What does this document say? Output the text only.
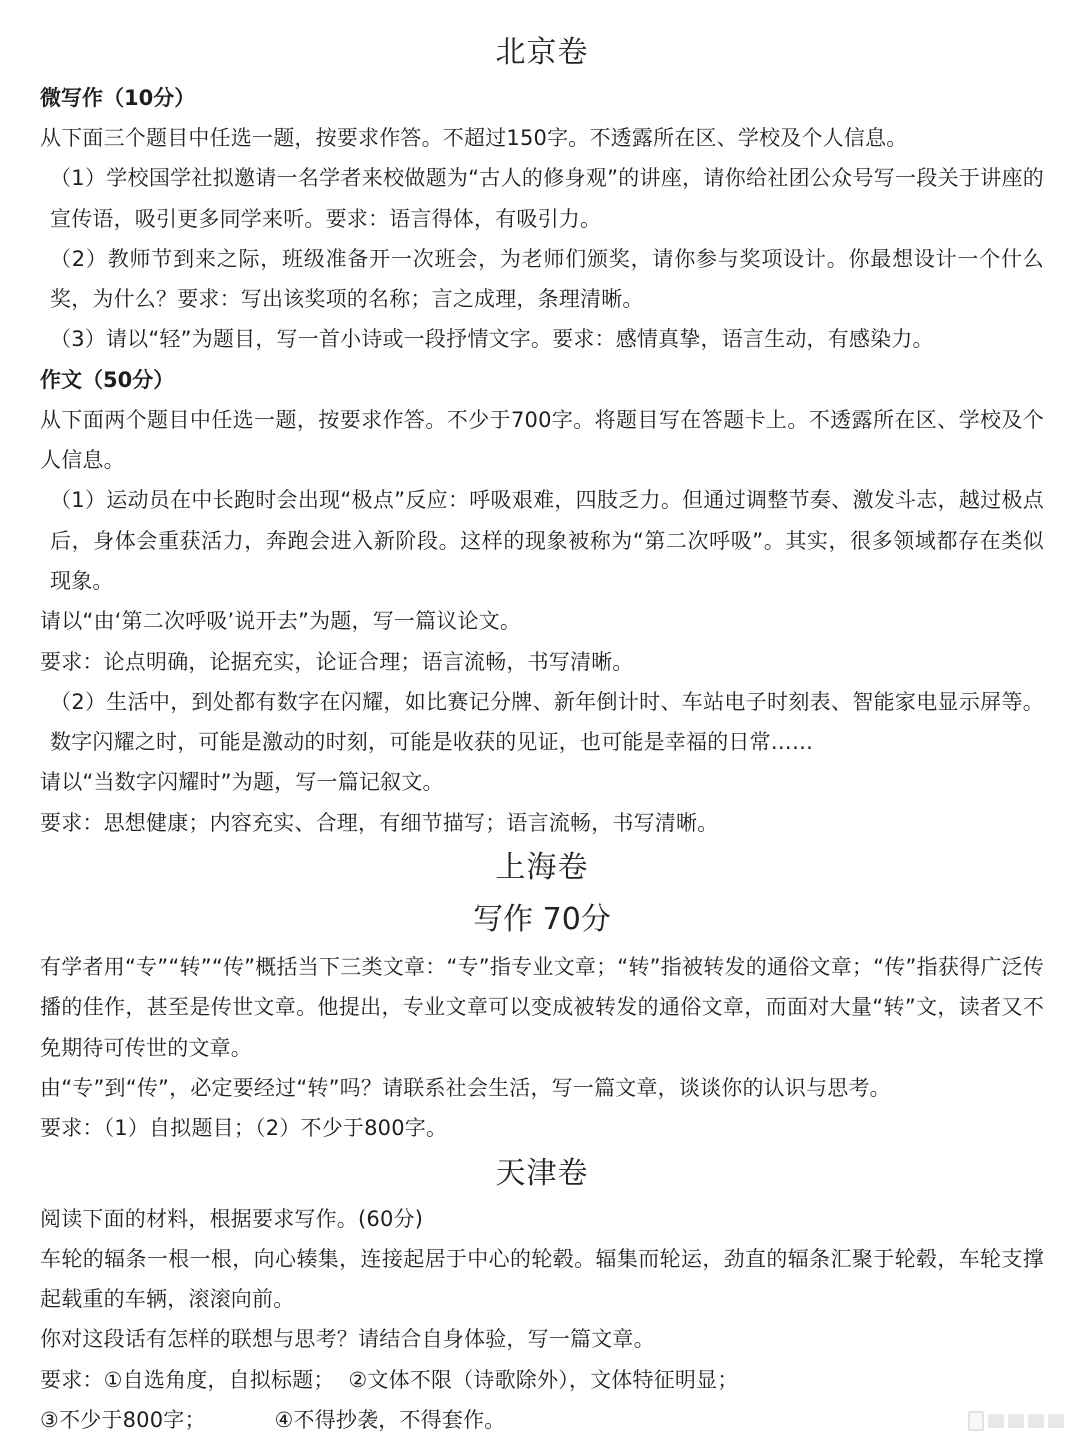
北京卷
微写作（10分）
从下面三个题目中任选一题，按要求作答。不超过150字。不透露所在区、学校及个人信息。
（1）学校国学社拟邀请一名学者来校做题为“古人的修身观”的讲座，请你给社团公众号写一段关于讲座的宣传语，吸引更多同学来听。要求：语言得体，有吸引力。
（2）教师节到来之际，班级准备开一次班会，为老师们颁奖，请你参与奖项设计。你最想设计一个什么奖，为什么？要求：写出该奖项的名称；言之成理，条理清晰。
（3）请以“轻”为题目，写一首小诗或一段抒情文字。要求：感情真挚，语言生动，有感染力。
作文（50分）
从下面两个题目中任选一题，按要求作答。不少于700字。将题目写在答题卡上。不透露所在区、学校及个人信息。
（1）运动员在中长跑时会出现“极点”反应：呼吸艰难，四肢乏力。但通过调整节奏、激发斗志，越过极点后，身体会重获活力，奔跑会进入新阶段。这样的现象被称为“第二次呼吸”。其实，很多领域都存在类似现象。
请以“由‘第二次呼吸’说开去”为题，写一篇议论文。
要求：论点明确，论据充实，论证合理；语言流畅，书写清晰。
（2）生活中，到处都有数字在闪耀，如比赛记分牌、新年倒计时、车站电子时刻表、智能家电显示屏等。数字闪耀之时，可能是激动的时刻，可能是收获的见证，也可能是幸福的日常……
请以“当数字闪耀时”为题，写一篇记叙文。
要求：思想健康；内容充实、合理，有细节描写；语言流畅，书写清晰。
上海卷
写作 70分
有学者用“专”“转”“传”概括当下三类文章：“专”指专业文章；“转”指被转发的通俗文章；“传”指获得广泛传播的佳作，甚至是传世文章。他提出，专业文章可以变成被转发的通俗文章，而面对大量“转”文，读者又不免期待可传世的文章。
由“专”到“传”，必定要经过“转”吗？请联系社会生活，写一篇文章，谈谈你的认识与思考。
要求：（1）自拟题目；（2）不少于800字。
天津卷
阅读下面的材料，根据要求写作。(60分)
车轮的辐条一根一根，向心辏集，连接起居于中心的轮毂。辐集而轮运，劲直的辐条汇聚于轮毂，车轮支撑起载重的车辆，滚滚向前。
你对这段话有怎样的联想与思考？请结合自身体验，写一篇文章。
要求：①自选角度，自拟标题；  ②文体不限（诗歌除外），文体特征明显；
③不少于800字；          ④不得抄袭，不得套作。
